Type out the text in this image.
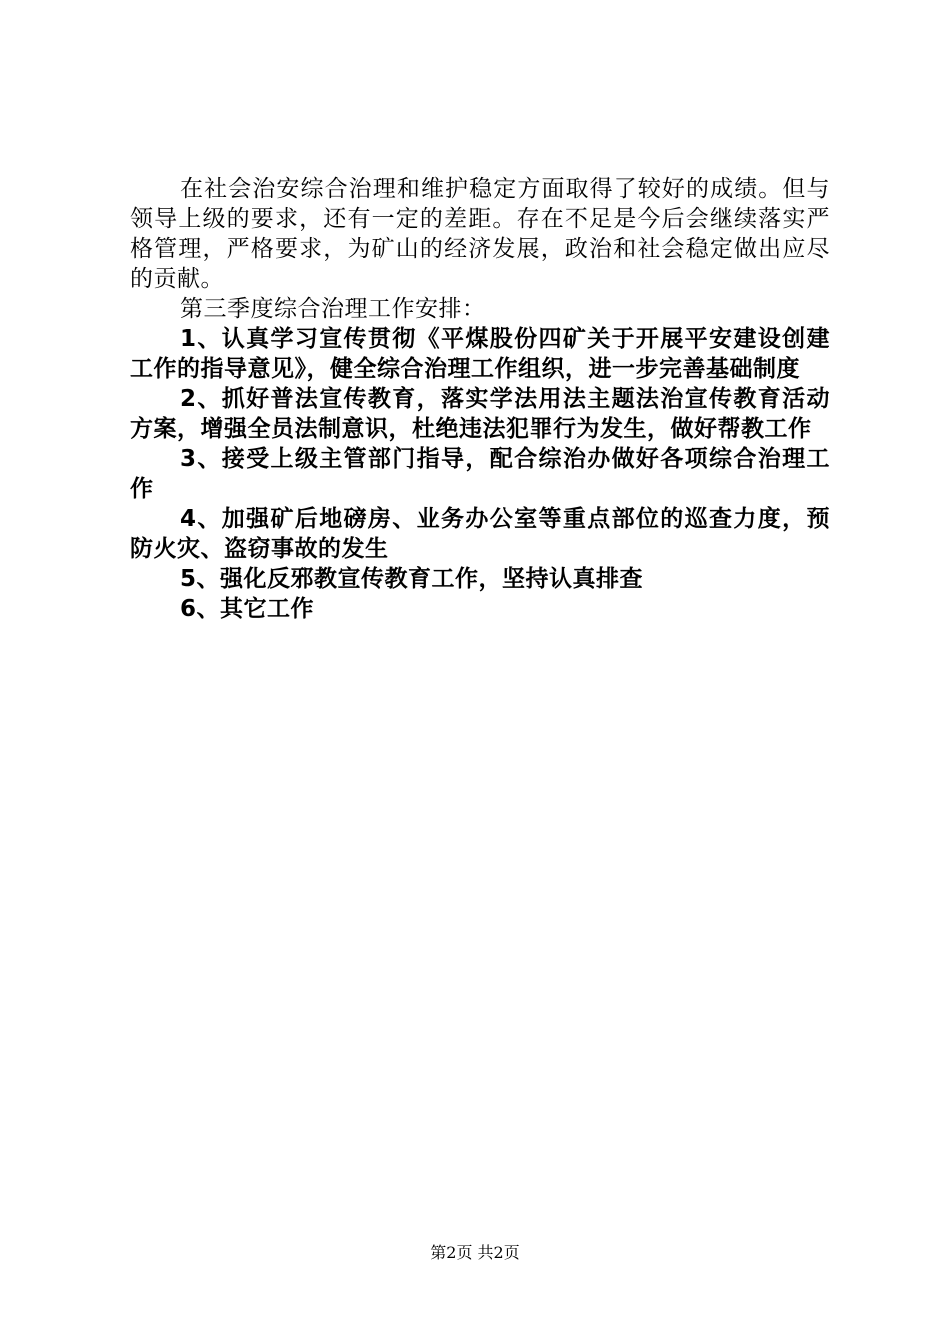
在社会治安综合治理和维护稳定方面取得了较好的成绩。但与领导上级的要求，还有一定的差距。存在不足是今后会继续落实严格管理，严格要求，为矿山的经济发展，政治和社会稳定做出应尽的贡献。

第三季度综合治理工作安排：

1、认真学习宣传贯彻《平煤股份四矿关于开展平安建设创建工作的指导意见》，健全综合治理工作组织，进一步完善基础制度

2、抓好普法宣传教育，落实学法用法主题法治宣传教育活动方案，增强全员法制意识，杜绝违法犯罪行为发生，做好帮教工作

3、接受上级主管部门指导，配合综治办做好各项综合治理工作

4、加强矿后地磅房、业务办公室等重点部位的巡查力度，预防火灾、盗窃事故的发生

5、强化反邪教宣传教育工作，坚持认真排查

6、其它工作

第2页 共2页
